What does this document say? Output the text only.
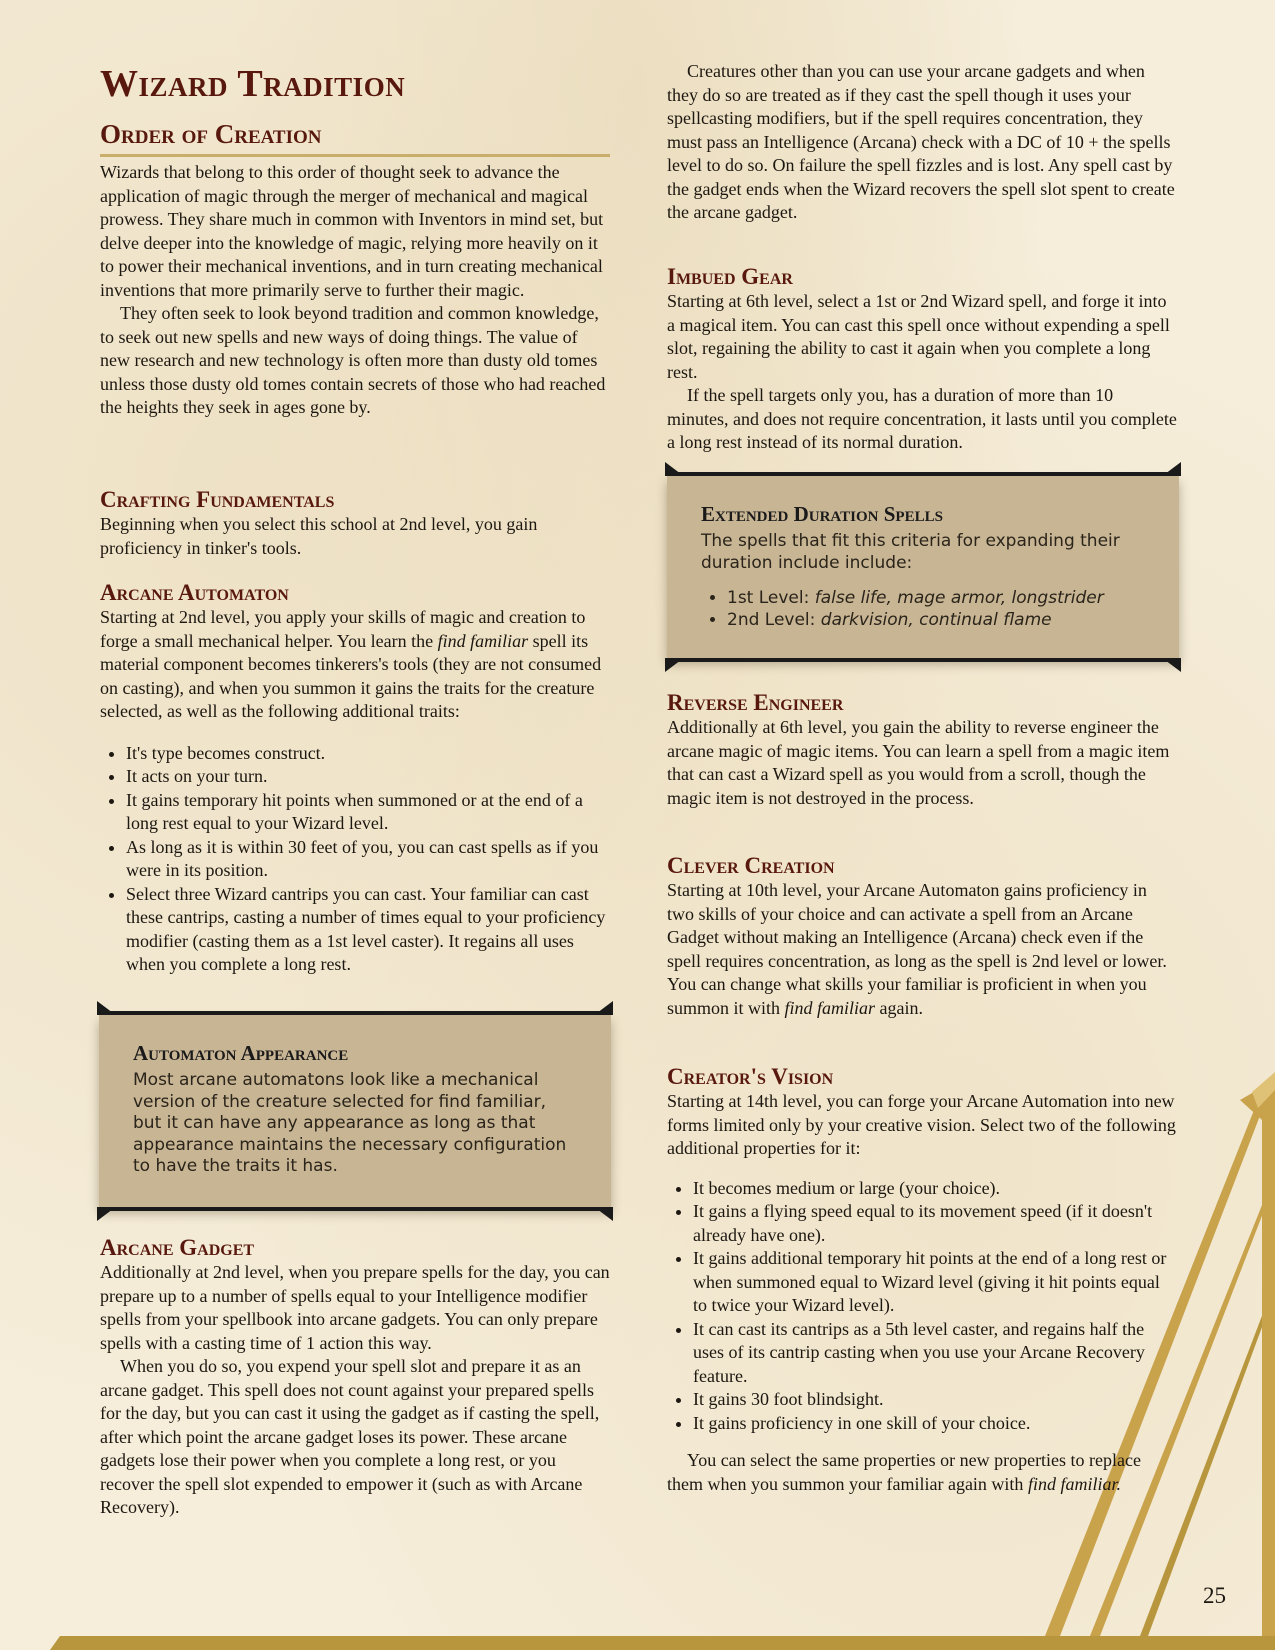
Wizard Tradition
Order of Creation

Wizards that belong to this order of thought seek to advance the application of magic through the merger of mechanical and magical prowess. They share much in common with Inventors in mind set, but delve deeper into the knowledge of magic, relying more heavily on it to power their mechanical inventions, and in turn creating mechanical inventions that more primarily serve to further their magic.

They often seek to look beyond tradition and common knowledge, to seek out new spells and new ways of doing things. The value of new research and new technology is often more than dusty old tomes unless those dusty old tomes contain secrets of those who had reached the heights they seek in ages gone by.

Crafting Fundamentals

Beginning when you select this school at 2nd level, you gain proficiency in tinker's tools.

Arcane Automaton

Starting at 2nd level, you apply your skills of magic and creation to forge a small mechanical helper. You learn the find familiar spell its material component becomes tinkerers's tools (they are not consumed on casting), and when you summon it gains the traits for the creature selected, as well as the following additional traits:

• It's type becomes construct.
• It acts on your turn.
• It gains temporary hit points when summoned or at the end of a long rest equal to your Wizard level.
• As long as it is within 30 feet of you, you can cast spells as if you were in its position.
• Select three Wizard cantrips you can cast. Your familiar can cast these cantrips, casting a number of times equal to your proficiency modifier (casting them as a 1st level caster). It regains all uses when you complete a long rest.
Automaton Appearance

Most arcane automatons look like a mechanical version of the creature selected for find familiar, but it can have any appearance as long as that appearance maintains the necessary configuration to have the traits it has.

Arcane Gadget

Additionally at 2nd level, when you prepare spells for the day, you can prepare up to a number of spells equal to your Intelligence modifier spells from your spellbook into arcane gadgets. You can only prepare spells with a casting time of 1 action this way.

When you do so, you expend your spell slot and prepare it as an arcane gadget. This spell does not count against your prepared spells for the day, but you can cast it using the gadget as if casting the spell, after which point the arcane gadget loses its power. These arcane gadgets lose their power when you complete a long rest, or you recover the spell slot expended to empower it (such as with Arcane Recovery).

Creatures other than you can use your arcane gadgets and when they do so are treated as if they cast the spell though it uses your spellcasting modifiers, but if the spell requires concentration, they must pass an Intelligence (Arcana) check with a DC of 10 + the spells level to do so. On failure the spell fizzles and is lost. Any spell cast by the gadget ends when the Wizard recovers the spell slot spent to create the arcane gadget.

Imbued Gear

Starting at 6th level, select a 1st or 2nd Wizard spell, and forge it into a magical item. You can cast this spell once without expending a spell slot, regaining the ability to cast it again when you complete a long rest.

If the spell targets only you, has a duration of more than 10 minutes, and does not require concentration, it lasts until you complete a long rest instead of its normal duration.

Extended Duration Spells

The spells that fit this criteria for expanding their duration include include:

• 1st Level: false life, mage armor, longstrider
• 2nd Level: darkvision, continual flame
Reverse Engineer

Additionally at 6th level, you gain the ability to reverse engineer the arcane magic of magic items. You can learn a spell from a magic item that can cast a Wizard spell as you would from a scroll, though the magic item is not destroyed in the process.

Clever Creation

Starting at 10th level, your Arcane Automaton gains proficiency in two skills of your choice and can activate a spell from an Arcane Gadget without making an Intelligence (Arcana) check even if the spell requires concentration, as long as the spell is 2nd level or lower. You can change what skills your familiar is proficient in when you summon it with find familiar again.

Creator's Vision

Starting at 14th level, you can forge your Arcane Automation into new forms limited only by your creative vision. Select two of the following additional properties for it:

• It becomes medium or large (your choice).
• It gains a flying speed equal to its movement speed (if it doesn't already have one).
• It gains additional temporary hit points at the end of a long rest or when summoned equal to Wizard level (giving it hit points equal to twice your Wizard level).
• It can cast its cantrips as a 5th level caster, and regains half the uses of its cantrip casting when you use your Arcane Recovery feature.
• It gains 30 foot blindsight.
• It gains proficiency in one skill of your choice.

You can select the same properties or new properties to replace them when you summon your familiar again with find familiar.

25
